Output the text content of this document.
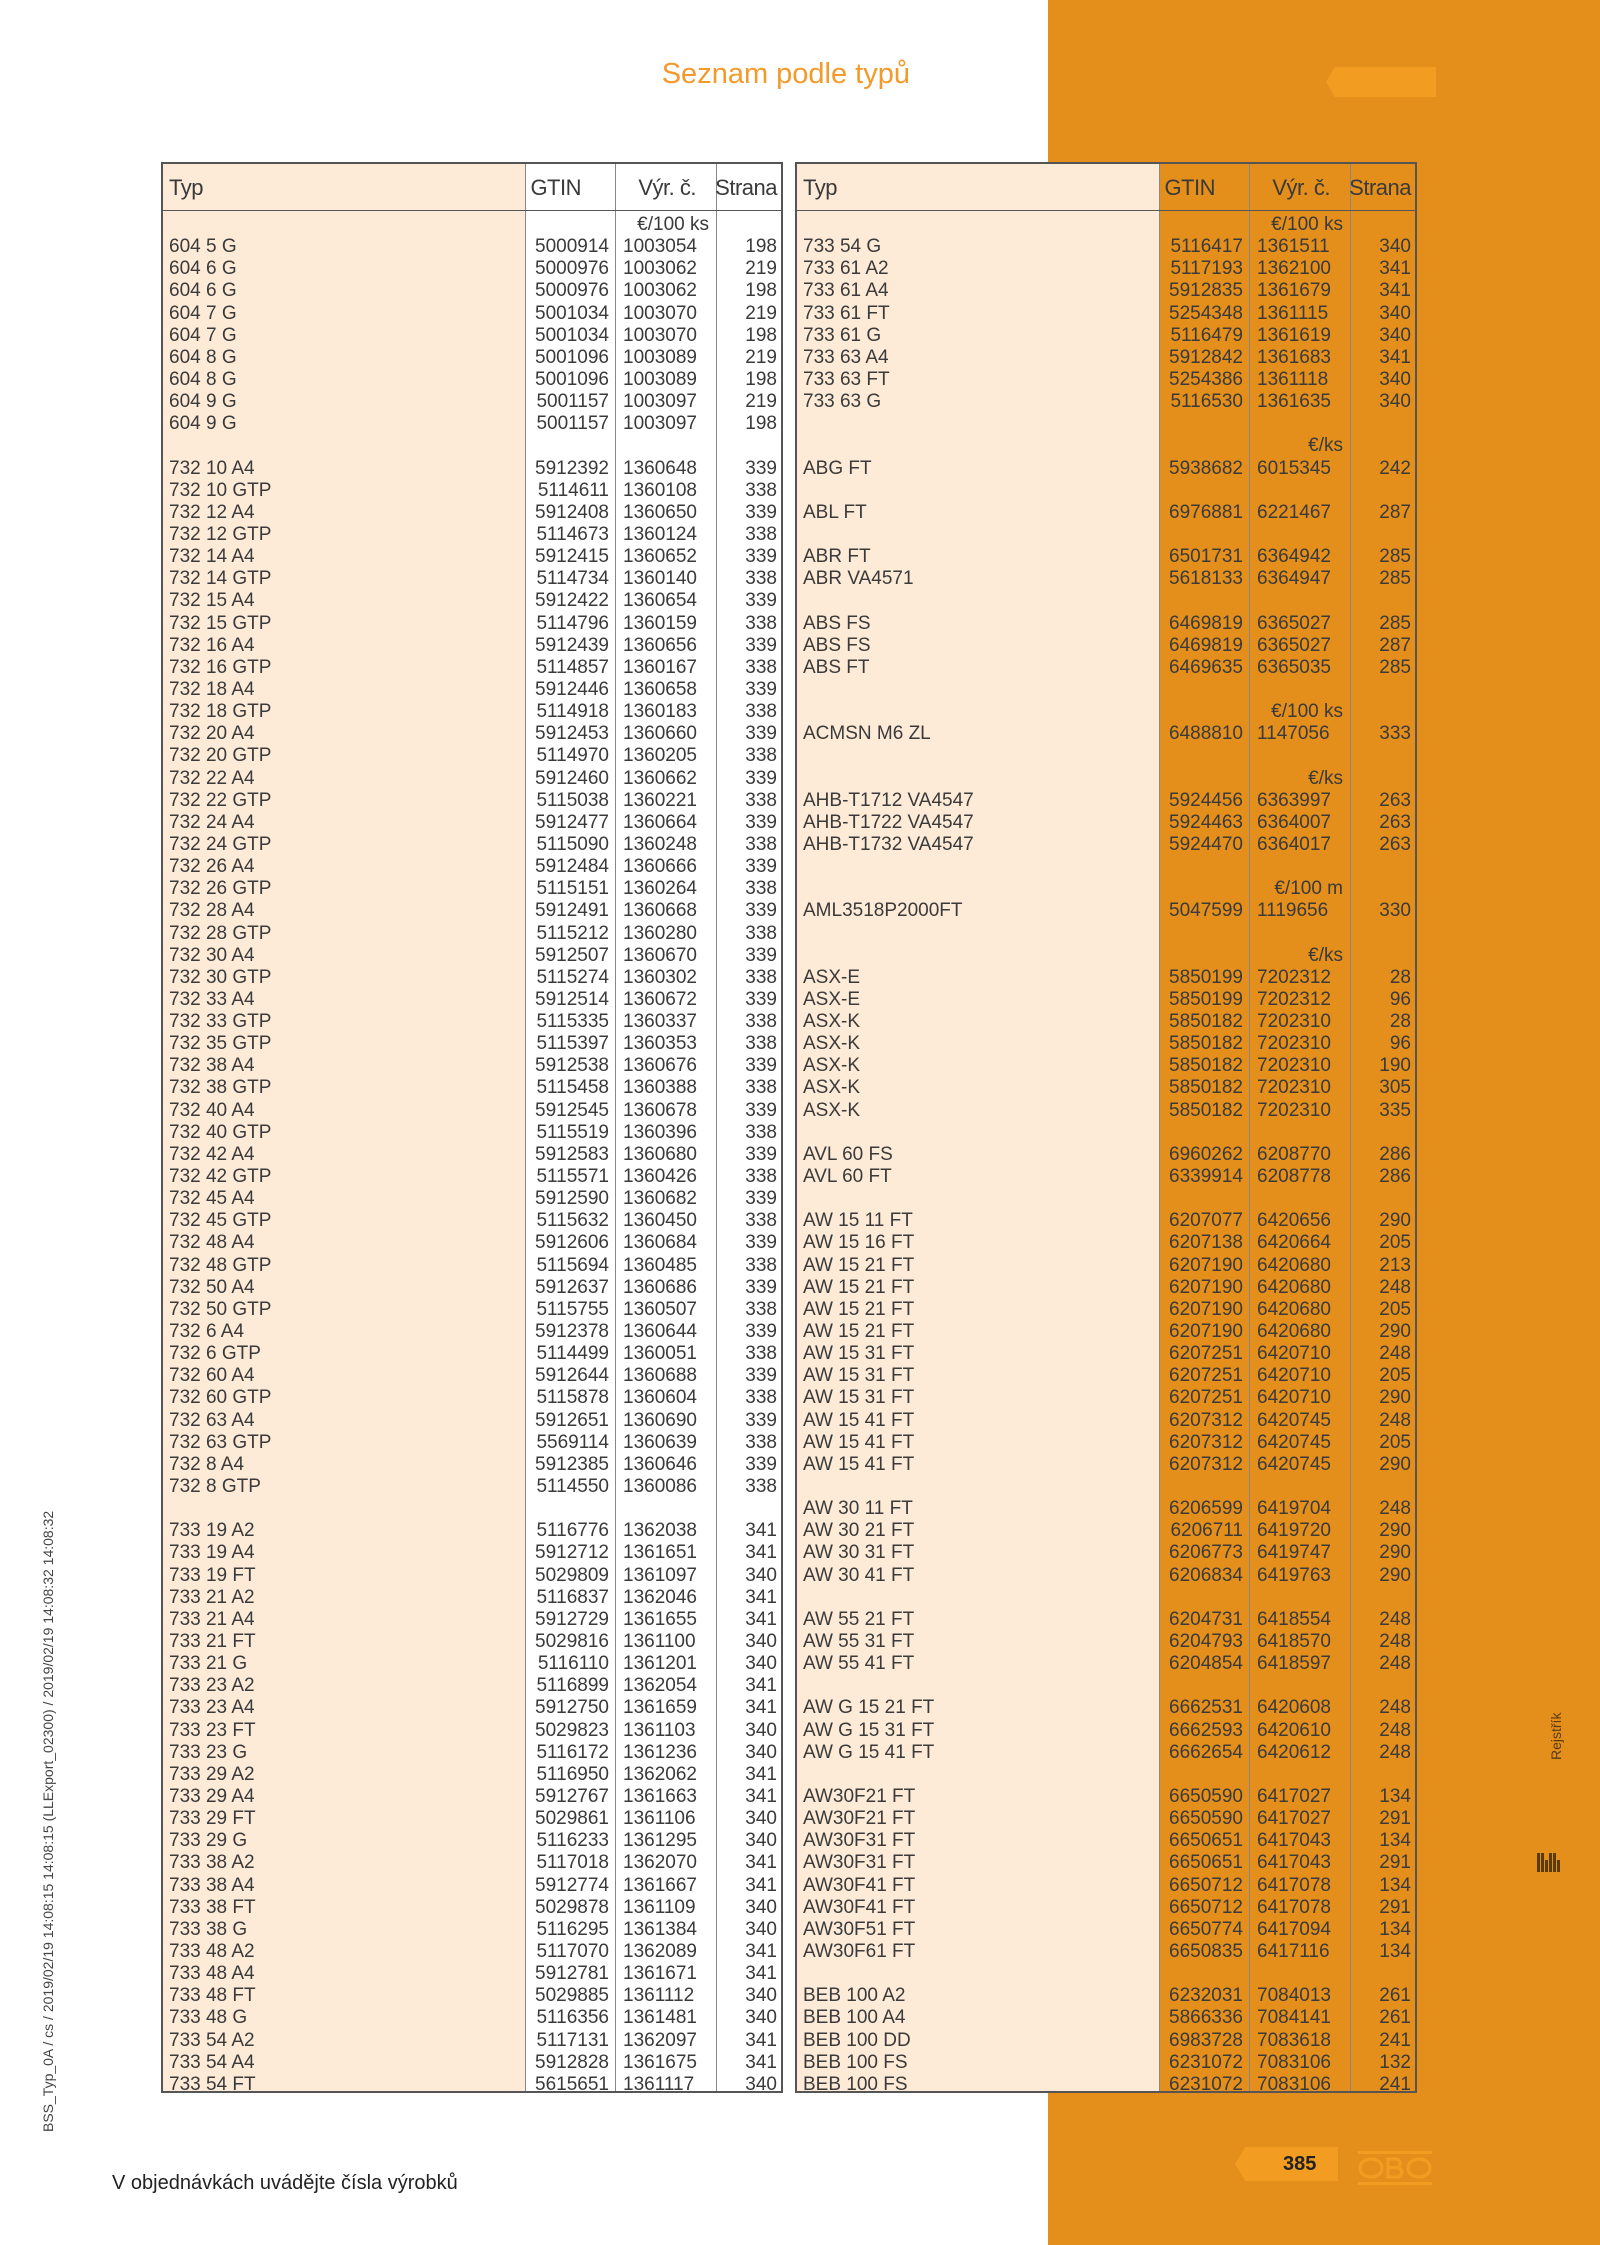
Rejstřík
Seznam podle typů
Typ	GTIN	Výr. č. Strana
€/100 ks
604 5 G	5000914 1003054	198
604 6 G	5000976 1003062	219
604 6 G	5000976 1003062	198
604 7 G	5001034 1003070	219
604 7 G	5001034 1003070	198
604 8 G	5001096 1003089	219
604 8 G	5001096 1003089	198
604 9 G	5001157 1003097	219
604 9 G	5001157 1003097	198
732 10 A4	5912392 1360648	339
732 10 GTP	5114611 1360108	338
732 12 A4	5912408 1360650	339
732 12 GTP	5114673 1360124	338
732 14 A4	5912415 1360652	339
732 14 GTP	5114734 1360140	338
732 15 A4	5912422 1360654	339
732 15 GTP	5114796 1360159	338
732 16 A4	5912439 1360656	339
732 16 GTP	5114857 1360167	338
732 18 A4	5912446 1360658	339
732 18 GTP	5114918 1360183	338
732 20 A4	5912453 1360660	339
732 20 GTP	5114970 1360205	338
732 22 A4	5912460 1360662	339
732 22 GTP	5115038 1360221	338
732 24 A4	5912477 1360664	339
732 24 GTP	5115090 1360248	338
732 26 A4	5912484 1360666	339
732 26 GTP	5115151 1360264	338
732 28 A4	5912491 1360668	339
732 28 GTP	5115212 1360280	338
732 30 A4	5912507 1360670	339
732 30 GTP	5115274 1360302	338
732 33 A4	5912514 1360672	339
732 33 GTP	5115335 1360337	338
732 35 GTP	5115397 1360353	338
732 38 A4	5912538 1360676	339
732 38 GTP	5115458 1360388	338
732 40 A4	5912545 1360678	339
732 40 GTP	5115519 1360396	338
732 42 A4	5912583 1360680	339
732 42 GTP	5115571 1360426	338
732 45 A4	5912590 1360682	339
732 45 GTP	5115632 1360450	338
732 48 A4	5912606 1360684	339
732 48 GTP	5115694 1360485	338
732 50 A4	5912637 1360686	339
732 50 GTP	5115755 1360507	338
732 6 A4	5912378 1360644	339
732 6 GTP	5114499 1360051	338
732 60 A4	5912644 1360688	339
732 60 GTP	5115878 1360604	338
732 63 A4	5912651 1360690	339
732 63 GTP	5569114 1360639	338
732 8 A4	5912385 1360646	339
732 8 GTP	5114550 1360086	338
733 19 A2	5116776 1362038	341
733 19 A4	5912712 1361651	341
733 19 FT	5029809 1361097	340
733 21 A2	5116837 1362046	341
733 21 A4	5912729 1361655	341
733 21 FT	5029816 1361100	340
733 21 G	5116110 1361201	340
733 23 A2	5116899 1362054	341
733 23 A4	5912750 1361659	341
733 23 FT	5029823 1361103	340
733 23 G	5116172 1361236	340
733 29 A2	5116950 1362062	341
733 29 A4	5912767 1361663	341
733 29 FT	5029861 1361106	340
733 29 G	5116233 1361295	340
733 38 A2	5117018 1362070	341
733 38 A4	5912774 1361667	341
733 38 FT	5029878 1361109	340
733 38 G	5116295 1361384	340
733 48 A2	5117070 1362089	341
733 48 A4	5912781 1361671	341
733 48 FT	5029885 1361112	340
733 48 G	5116356 1361481	340
733 54 A2	5117131 1362097	341
733 54 A4	5912828 1361675	341
733 54 FT	5615651 1361117	340
Typ	GTIN	Výr. č. Strana
€/100 ks
733 54 G	5116417 1361511	340
733 61 A2	5117193 1362100	341
733 61 A4	5912835 1361679	341
733 61 FT	5254348 1361115	340
733 61 G	5116479 1361619	340
733 63 A4	5912842 1361683	341
733 63 FT	5254386 1361118	340
733 63 G	5116530 1361635	340
€/ks
ABG FT	5938682 6015345	242
ABL FT	6976881 6221467	287
ABR FT	6501731 6364942	285
ABR VA4571	5618133 6364947	285
ABS FS	6469819 6365027	285
ABS FS	6469819 6365027	287
ABS FT	6469635 6365035	285
€/100 ks
ACMSN M6 ZL	6488810 1147056	333
€/ks
AHB-T1712 VA4547	5924456 6363997	263
AHB-T1722 VA4547	5924463 6364007	263
AHB-T1732 VA4547	5924470 6364017	263
€/100 m
AML3518P2000FT	5047599 1119656	330
€/ks
ASX-E	5850199 7202312	28
ASX-E	5850199 7202312	96
ASX-K	5850182 7202310	28
ASX-K	5850182 7202310	96
ASX-K	5850182 7202310	190
ASX-K	5850182 7202310	305
ASX-K	5850182 7202310	335
AVL 60 FS	6960262 6208770	286
AVL 60 FT	6339914 6208778	286
AW 15 11 FT	6207077 6420656	290
AW 15 16 FT	6207138 6420664	205
AW 15 21 FT	6207190 6420680	213
AW 15 21 FT	6207190 6420680	248
AW 15 21 FT	6207190 6420680	205
AW 15 21 FT	6207190 6420680	290
AW 15 31 FT	6207251 6420710	248
AW 15 31 FT	6207251 6420710	205
AW 15 31 FT	6207251 6420710	290
AW 15 41 FT	6207312 6420745	248
AW 15 41 FT	6207312 6420745	205
AW 15 41 FT	6207312 6420745	290
AW 30 11 FT	6206599 6419704	248
AW 30 21 FT	6206711 6419720	290
AW 30 31 FT	6206773 6419747	290
AW 30 41 FT	6206834 6419763	290
AW 55 21 FT	6204731 6418554	248
AW 55 31 FT	6204793 6418570	248
AW 55 41 FT	6204854 6418597	248
AW G 15 21 FT	6662531 6420608	248
AW G 15 31 FT	6662593 6420610	248
AW G 15 41 FT	6662654 6420612	248
AW30F21 FT	6650590 6417027	134
AW30F21 FT	6650590 6417027	291
AW30F31 FT	6650651 6417043	134
AW30F31 FT	6650651 6417043	291
AW30F41 FT	6650712 6417078	134
AW30F41 FT	6650712 6417078	291
AW30F51 FT	6650774 6417094	134
AW30F61 FT	6650835 6417116	134
BEB 100 A2	6232031 7084013	261
BEB 100 A4	5866336 7084141	261
BEB 100 DD	6983728 7083618	241
BEB 100 FS	6231072 7083106	132
BEB 100 FS	6231072 7083106	241
BSS_Typ_0A / cs / 2019/02/19 14:08:15 14:08:15 (LLExport_02300) / 2019/02/19 14:08:32 14:08:32
V objednávkách uvádějte čísla výrobků
385
